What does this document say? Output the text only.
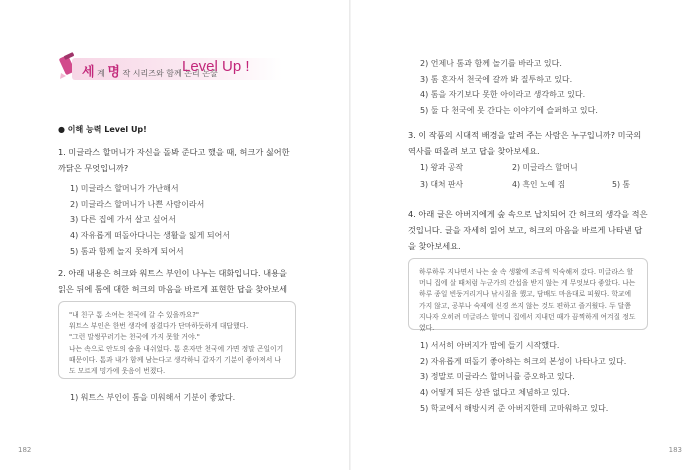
세 계 명 작 시리즈와 함께 논리 논술
Level Up !
● 이해 능력 Level Up!
1. 미글라스 할머니가 자신을 돌봐 준다고 했을 때, 허크가 싫어한 까닭은 무엇입니까?
1) 미글라스 할머니가 가난해서
2) 미글라스 할머니가 나쁜 사람이라서
3) 다른 집에 가서 살고 싶어서
4) 자유롭게 떠돌아다니는 생활을 잃게 되어서
5) 톰과 함께 놀지 못하게 되어서
2. 아래 내용은 허크와 워트스 부인이 나누는 대화입니다. 내용을 읽은 뒤에 톰에 대한 허크의 마음을 바르게 표현한 답을 찾아보세
"내 친구 톰 소여는 천국에 갈 수 있을까요?"
워트스 부인은 한번 생각에 잠겼다가 단마하듯하게 대답했다.
"그런 말썽꾸러기는 천국에 가지 못할 거야."
나는 속으로 안도의 숨을 내쉬었다. 톰 혼자만 천국에 가면 정말 곤일이기 때문이다. 톰과 내가 함께 남는다고 생각하니 갑자기 기분이 좋아져서 나도 모르게 밍가에 웃음이 번졌다.
1) 워트스 부인이 톰을 미워해서 기분이 좋았다.
182
2) 언제나 톰과 함께 놀기를 바라고 있다.
3) 톰 혼자서 천국에 갈까 봐 질투하고 있다.
4) 톰을 자기보다 못한 아이라고 생각하고 있다.
5) 둘 다 천국에 못 간다는 이야기에 슬퍼하고 있다.
3. 이 작품의 시대적 배경을 알려 주는 사람은 누구입니까? 미국의 역사를 떠올려 보고 답을 찾아보세요.
1) 왕과 공작	2) 미글라스 할머니
3) 대처 판사	4) 흑인 노예 짐	5) 톰
4. 아래 글은 아버지에게 숲 속으로 납치되어 간 허크의 생각을 적은 것입니다. 글을 자세히 읽어 보고, 허크의 마음을 바르게 나타낸 답을 찾아보세요.
하루하루 지나면서 나는 숲 속 생활에 조금씩 익숙해져 갔다. 미글라스 할머니 집에 살 때처럼 누군가의 간섭을 받지 않는 게 무엇보다 좋았다. 나는 하루 종일 빈둥거리거나 낚시질을 했고, 담배도 마음대로 피웠다. 학교에 가지 않고, 공부나 숙제에 신경 쓰지 않는 것도 편하고 즐거웠다. 두 달쯤 지나자 오히려 미글라스 할머니 집에서 지내던 때가 끔찍하게 여겨질 정도였다.
1) 서서히 아버지가 맘에 들기 시작했다.
2) 자유롭게 떠돌기 좋아하는 허크의 본성이 나타나고 있다.
3) 정말로 미글라스 할머니를 증오하고 있다.
4) 어떻게 되든 상관 없다고 체념하고 있다.
5) 학교에서 해방시켜 준 아버지한테 고마워하고 있다.
183
